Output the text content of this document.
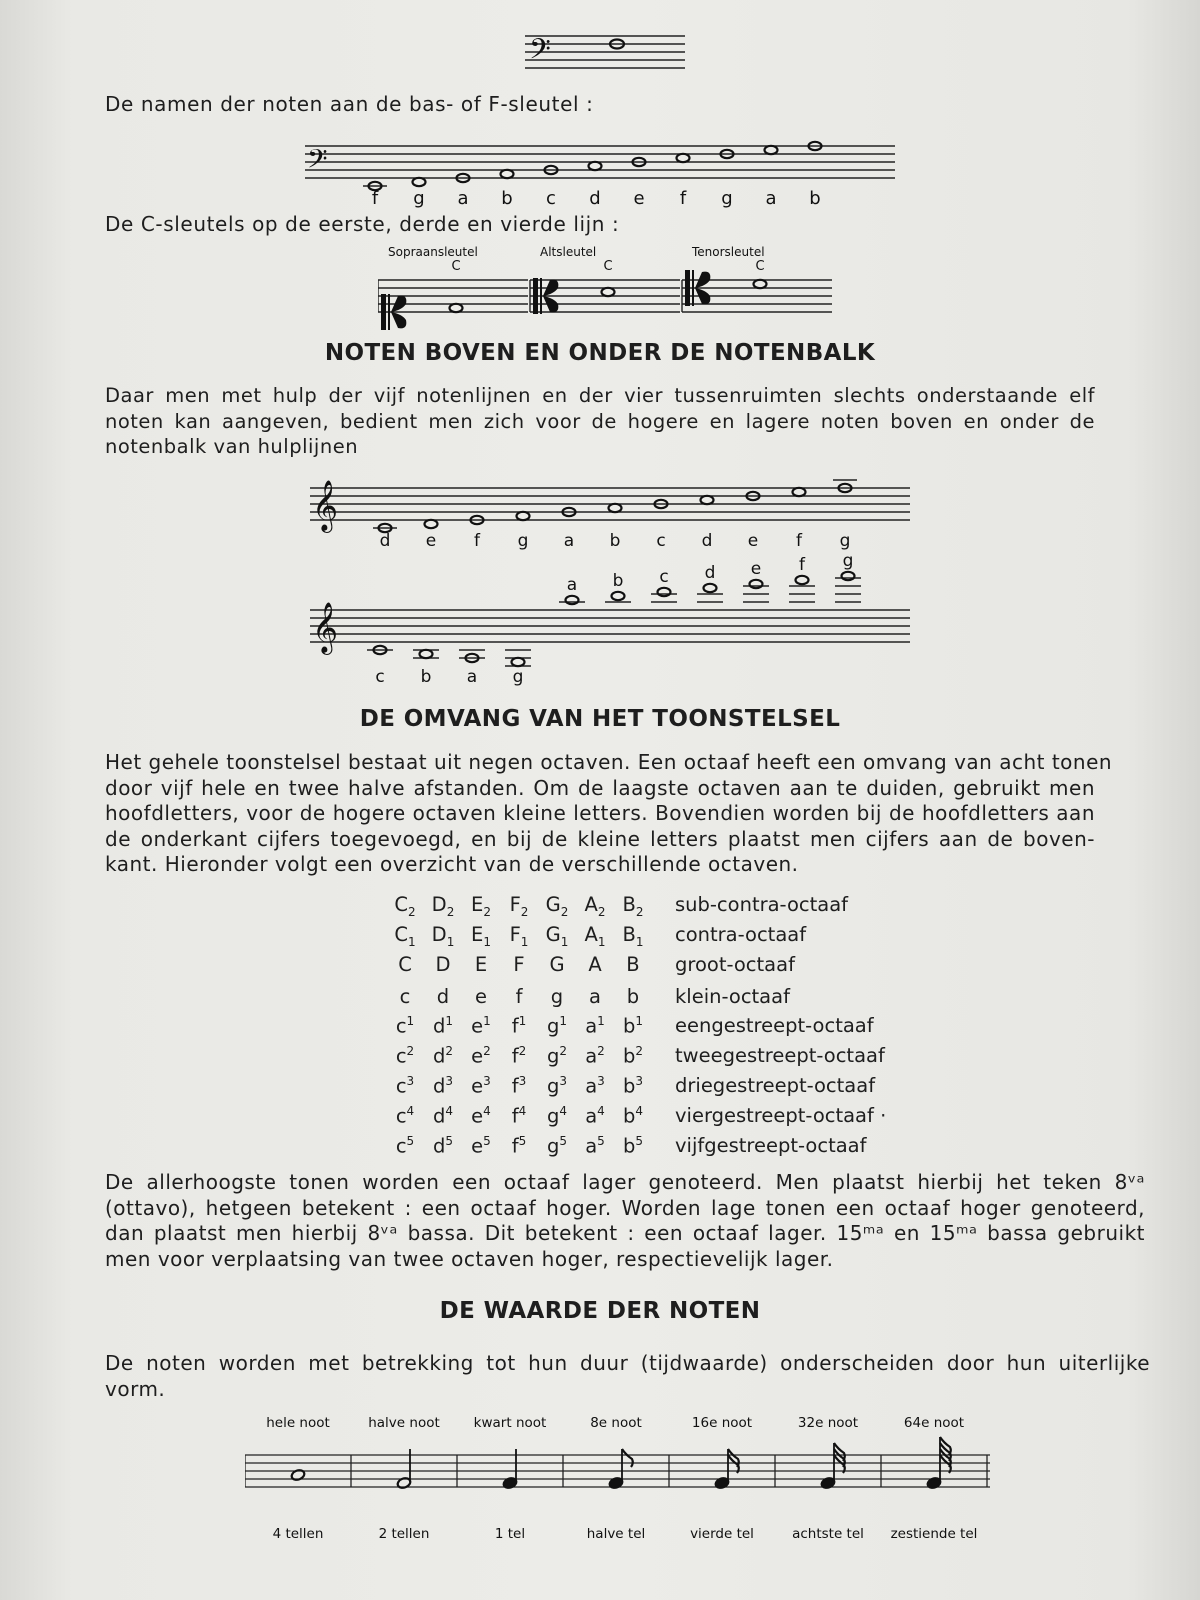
𝄢
De namen der noten aan de bas- of F-sleutel :
𝄢
f g a b c d e f g a b
De C-sleutels op de eerste, derde en vierde lijn :
Sopraansleutel
C
Altsleutel
C
Tenorsleutel
C
NOTEN BOVEN EN ONDER DE NOTENBALK
Daar men met hulp der vijf notenlijnen en der vier tussenruimten slechts onderstaande elf
noten kan aangeven, bedient men zich voor de hogere en lagere noten boven en onder de
notenbalk van hulplijnen
𝄞
𝄞
d e f g a b c d e f g
a b c d e f g
c b a g
DE OMVANG VAN HET TOONSTELSEL
Het gehele toonstelsel bestaat uit negen octaven. Een octaaf heeft een omvang van acht tonen
door vijf hele en twee halve afstanden. Om de laagste octaven aan te duiden, gebruikt men
hoofdletters, voor de hogere octaven kleine letters. Bovendien worden bij de hoofdletters aan
de onderkant cijfers toegevoegd, en bij de kleine letters plaatst men cijfers aan de boven-
kant. Hieronder volgt een overzicht van de verschillende octaven.
$C_2$ $D_2$ $E_2$ $F_2$ $G_2$ $A_2$ $B_2$ sub-contra-octaaf
$C_1$ $D_1$ $E_1$ $F_1$ $G_1$ $A_1$ $B_1$ contra-octaaf
C	D	E	F	G	A	B	groot-octaaf
c	d	e	f	g	a	b	klein-octaaf
$c^1$ $d^1$ $e^1$	$f^1$	$g^1$ $a^1$ $b^1$ eengestreept-octaaf
$c^2$ $d^2$ $e^2$	$f^2$	$g^2$ $a^2$ $b^2$ tweegestreept-octaaf
$c^3$ $d^3$ $e^3$	$f^3$	$g^3$ $a^3$ $b^3$ driegestreept-octaaf
$c^4$ $d^4$ $e^4$	$f^4$	$g^4$ $a^4$ $b^4$ viergestreept-octaaf ·
$c^5$ $d^5$ $e^5$	$f^5$	$g^5$ $a^5$ $b^5$ vijfgestreept-octaaf
De allerhoogste tonen worden een octaaf lager genoteerd. Men plaatst hierbij het teken 8ᵛᵃ
(ottavo), hetgeen betekent : een octaaf hoger. Worden lage tonen een octaaf hoger genoteerd,
dan plaatst men hierbij 8ᵛᵃ bassa. Dit betekent : een octaaf lager. 15ᵐᵃ en 15ᵐᵃ bassa gebruikt
men voor verplaatsing van twee octaven hoger, respectievelijk lager.
DE WAARDE DER NOTEN
De noten worden met betrekking tot hun duur (tijdwaarde) onderscheiden door hun uiterlijke
vorm.
hele noot
4 tellen
halve noot
2 tellen
kwart noot
1 tel
8e noot
halve tel
16e noot
vierde tel
32e noot
achtste tel
64e noot
zestiende tel
